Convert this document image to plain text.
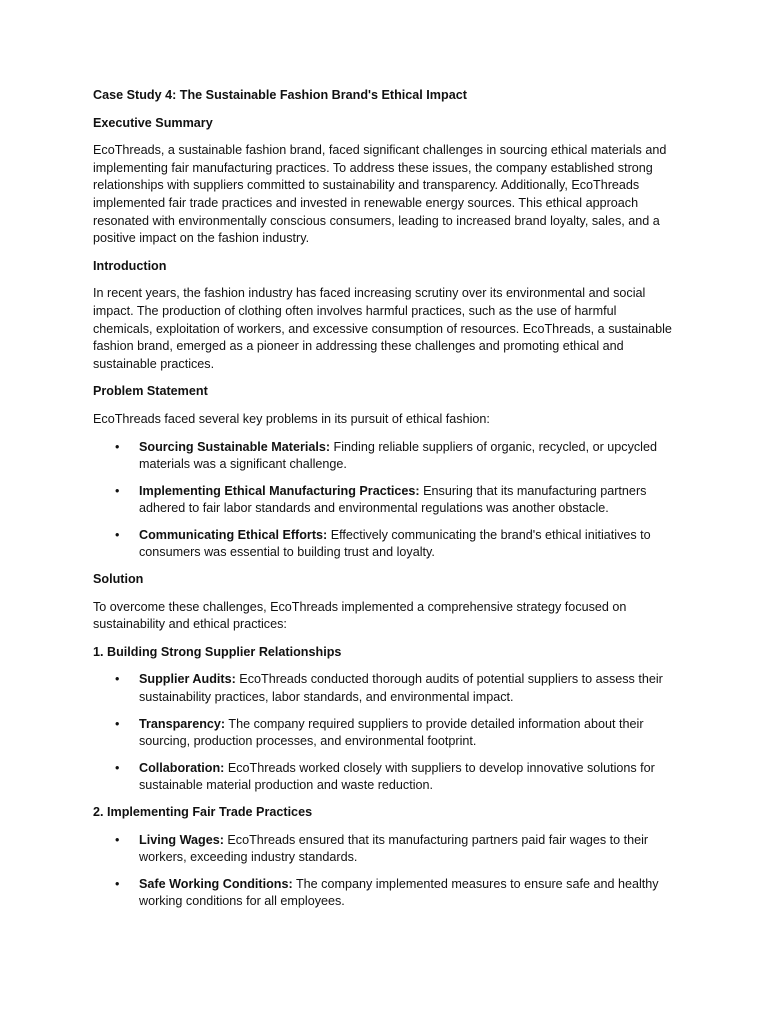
Case Study 4: The Sustainable Fashion Brand's Ethical Impact
Executive Summary

EcoThreads, a sustainable fashion brand, faced significant challenges in sourcing ethical materials and implementing fair manufacturing practices. To address these issues, the company established strong relationships with suppliers committed to sustainability and transparency. Additionally, EcoThreads implemented fair trade practices and invested in renewable energy sources. This ethical approach resonated with environmentally conscious consumers, leading to increased brand loyalty, sales, and a positive impact on the fashion industry.

Introduction

In recent years, the fashion industry has faced increasing scrutiny over its environmental and social impact. The production of clothing often involves harmful practices, such as the use of harmful chemicals, exploitation of workers, and excessive consumption of resources. EcoThreads, a sustainable fashion brand, emerged as a pioneer in addressing these challenges and promoting ethical and sustainable practices.

Problem Statement

EcoThreads faced several key problems in its pursuit of ethical fashion:

• Sourcing Sustainable Materials: Finding reliable suppliers of organic, recycled, or upcycled materials was a significant challenge.
• Implementing Ethical Manufacturing Practices: Ensuring that its manufacturing partners adhered to fair labor standards and environmental regulations was another obstacle.
• Communicating Ethical Efforts: Effectively communicating the brand's ethical initiatives to consumers was essential to building trust and loyalty.
Solution

To overcome these challenges, EcoThreads implemented a comprehensive strategy focused on sustainability and ethical practices:

1. Building Strong Supplier Relationships
• Supplier Audits: EcoThreads conducted thorough audits of potential suppliers to assess their sustainability practices, labor standards, and environmental impact.
• Transparency: The company required suppliers to provide detailed information about their sourcing, production processes, and environmental footprint.
• Collaboration: EcoThreads worked closely with suppliers to develop innovative solutions for sustainable material production and waste reduction.
2. Implementing Fair Trade Practices
• Living Wages: EcoThreads ensured that its manufacturing partners paid fair wages to their workers, exceeding industry standards.
• Safe Working Conditions: The company implemented measures to ensure safe and healthy working conditions for all employees.
